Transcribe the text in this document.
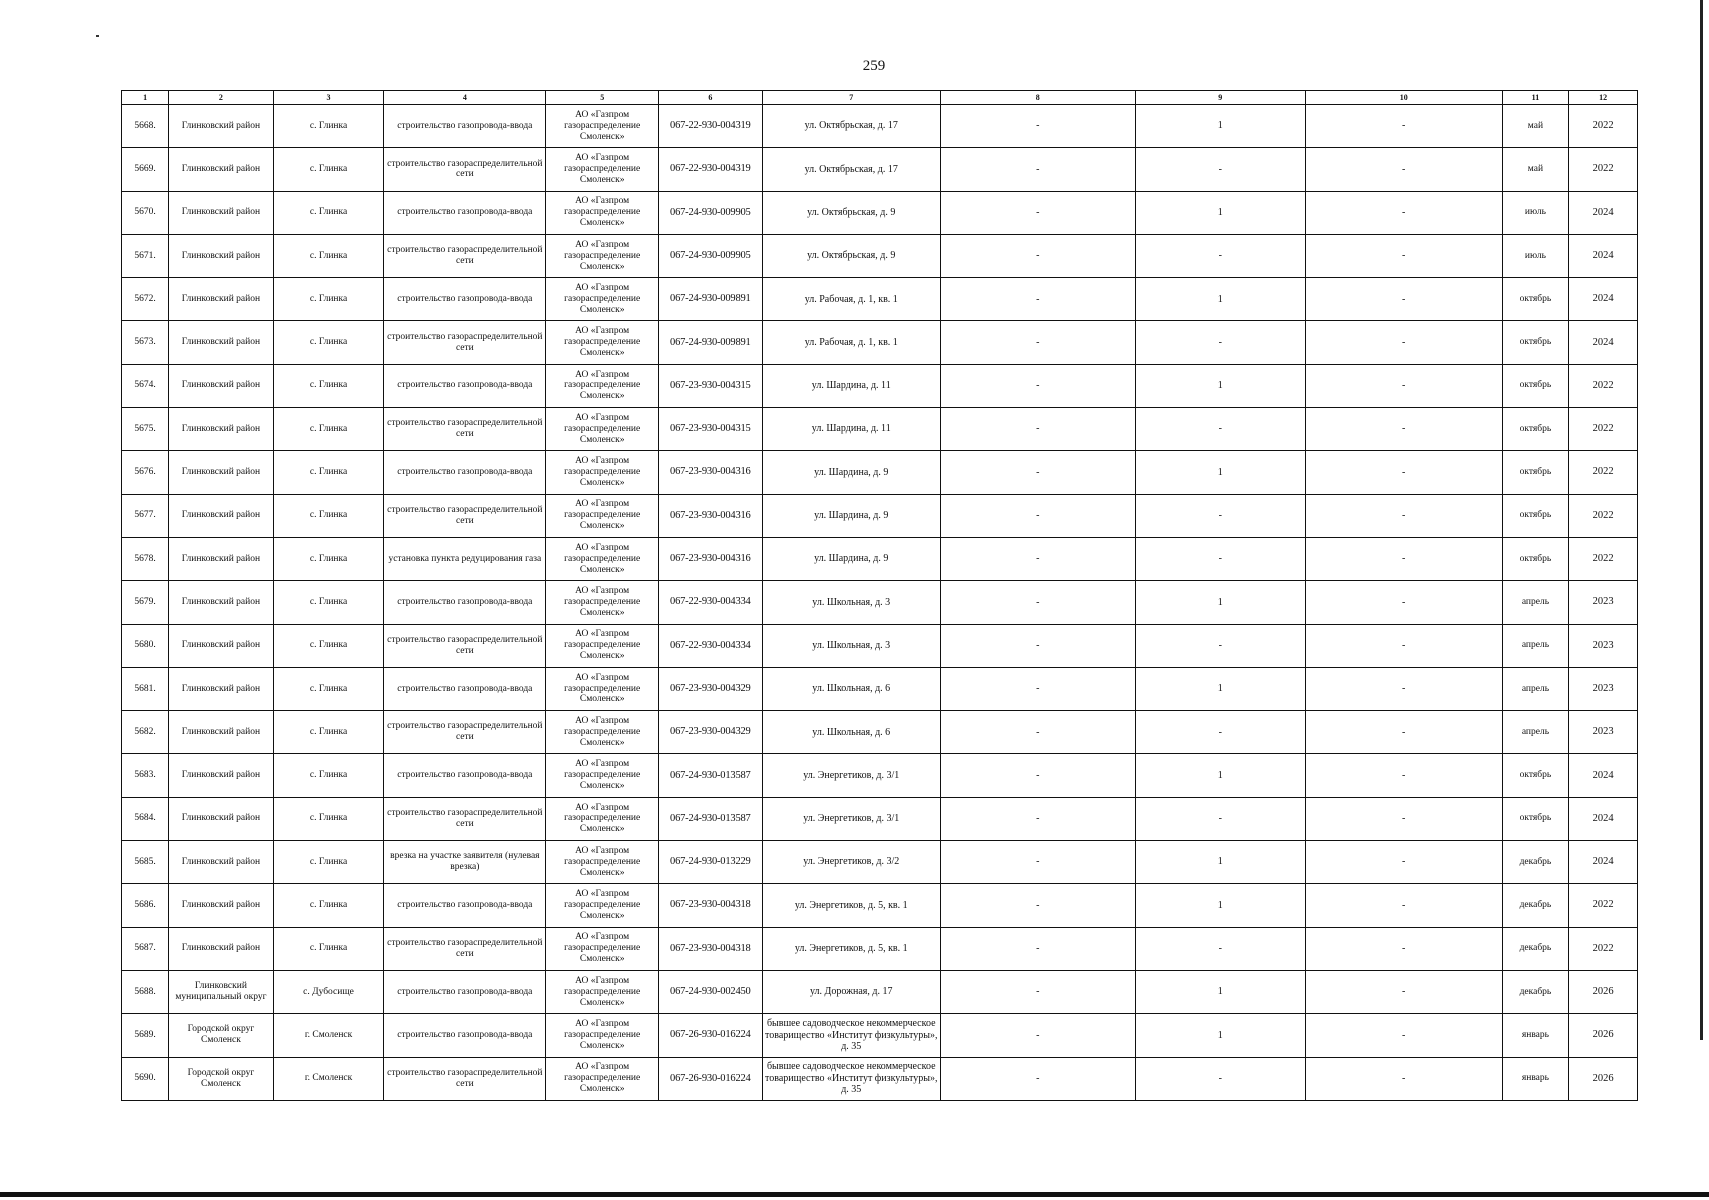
259
1	2	3	4	5	6	7	8	9	10	11	12
5668.	Глинковский район	с. Глинка	строительство газопровода-ввода	АО «Газпром газораспределение Смоленск»	067-22-930-004319	ул. Октябрьская, д. 17	-	1	-	май	2022
5669.	Глинковский район	с. Глинка	строительство газораспределительной сети	АО «Газпром газораспределение Смоленск»	067-22-930-004319	ул. Октябрьская, д. 17	-	-	-	май	2022
5670.	Глинковский район	с. Глинка	строительство газопровода-ввода	АО «Газпром газораспределение Смоленск»	067-24-930-009905	ул. Октябрьская, д. 9	-	1	-	июль	2024
5671.	Глинковский район	с. Глинка	строительство газораспределительной сети	АО «Газпром газораспределение Смоленск»	067-24-930-009905	ул. Октябрьская, д. 9	-	-	-	июль	2024
5672.	Глинковский район	с. Глинка	строительство газопровода-ввода	АО «Газпром газораспределение Смоленск»	067-24-930-009891	ул. Рабочая, д. 1, кв. 1	-	1	-	октябрь	2024
5673.	Глинковский район	с. Глинка	строительство газораспределительной сети	АО «Газпром газораспределение Смоленск»	067-24-930-009891	ул. Рабочая, д. 1, кв. 1	-	-	-	октябрь	2024
5674.	Глинковский район	с. Глинка	строительство газопровода-ввода	АО «Газпром газораспределение Смоленск»	067-23-930-004315	ул. Шардина, д. 11	-	1	-	октябрь	2022
5675.	Глинковский район	с. Глинка	строительство газораспределительной сети	АО «Газпром газораспределение Смоленск»	067-23-930-004315	ул. Шардина, д. 11	-	-	-	октябрь	2022
5676.	Глинковский район	с. Глинка	строительство газопровода-ввода	АО «Газпром газораспределение Смоленск»	067-23-930-004316	ул. Шардина, д. 9	-	1	-	октябрь	2022
5677.	Глинковский район	с. Глинка	строительство газораспределительной сети	АО «Газпром газораспределение Смоленск»	067-23-930-004316	ул. Шардина, д. 9	-	-	-	октябрь	2022
5678.	Глинковский район	с. Глинка	установка пункта редуцирования газа	АО «Газпром газораспределение Смоленск»	067-23-930-004316	ул. Шардина, д. 9	-	-	-	октябрь	2022
5679.	Глинковский район	с. Глинка	строительство газопровода-ввода	АО «Газпром газораспределение Смоленск»	067-22-930-004334	ул. Школьная, д. 3	-	1	-	апрель	2023
5680.	Глинковский район	с. Глинка	строительство газораспределительной сети	АО «Газпром газораспределение Смоленск»	067-22-930-004334	ул. Школьная, д. 3	-	-	-	апрель	2023
5681.	Глинковский район	с. Глинка	строительство газопровода-ввода	АО «Газпром газораспределение Смоленск»	067-23-930-004329	ул. Школьная, д. 6	-	1	-	апрель	2023
5682.	Глинковский район	с. Глинка	строительство газораспределительной сети	АО «Газпром газораспределение Смоленск»	067-23-930-004329	ул. Школьная, д. 6	-	-	-	апрель	2023
5683.	Глинковский район	с. Глинка	строительство газопровода-ввода	АО «Газпром газораспределение Смоленск»	067-24-930-013587	ул. Энергетиков, д. 3/1	-	1	-	октябрь	2024
5684.	Глинковский район	с. Глинка	строительство газораспределительной сети	АО «Газпром газораспределение Смоленск»	067-24-930-013587	ул. Энергетиков, д. 3/1	-	-	-	октябрь	2024
5685.	Глинковский район	с. Глинка	врезка на участке заявителя (нулевая врезка)	АО «Газпром газораспределение Смоленск»	067-24-930-013229	ул. Энергетиков, д. 3/2	-	1	-	декабрь	2024
5686.	Глинковский район	с. Глинка	строительство газопровода-ввода	АО «Газпром газораспределение Смоленск»	067-23-930-004318	ул. Энергетиков, д. 5, кв. 1	-	1	-	декабрь	2022
5687.	Глинковский район	с. Глинка	строительство газораспределительной сети	АО «Газпром газораспределение Смоленск»	067-23-930-004318	ул. Энергетиков, д. 5, кв. 1	-	-	-	декабрь	2022
5688.	Глинковский муниципальный округ	с. Дубосище	строительство газопровода-ввода	АО «Газпром газораспределение Смоленск»	067-24-930-002450	ул. Дорожная, д. 17	-	1	-	декабрь	2026
5689.	Городской округ Смоленск	г. Смоленск	строительство газопровода-ввода	АО «Газпром газораспределение Смоленск»	067-26-930-016224	бывшее садоводческое некоммерческое товарищество «Институт физкультуры», д. 35	-	1	-	январь	2026
5690.	Городской округ Смоленск	г. Смоленск	строительство газораспределительной сети	АО «Газпром газораспределение Смоленск»	067-26-930-016224	бывшее садоводческое некоммерческое товарищество «Институт физкультуры», д. 35	-	-	-	январь	2026
